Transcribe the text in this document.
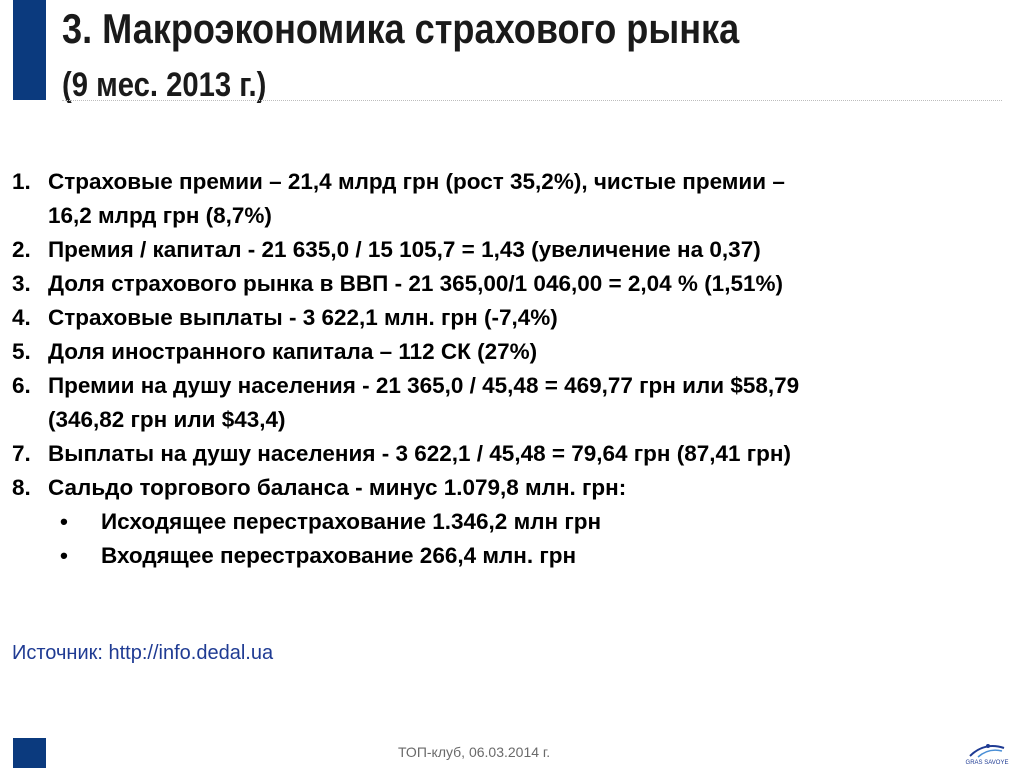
3. Макроэкономика страхового рынка
(9 мес. 2013 г.)
1. Страховые премии – 21,4 млрд грн (рост 35,2%), чистые премии –
16,2 млрд грн (8,7%)
2. Премия / капитал - 21 635,0 / 15 105,7 = 1,43 (увеличение на 0,37)
3. Доля страхового рынка в ВВП - 21 365,00/1 046,00 = 2,04 % (1,51%)
4. Страховые выплаты - 3 622,1 млн. грн (-7,4%)
5. Доля иностранного капитала – 112 СК (27%)
6. Премии на душу населения - 21 365,0 / 45,48 = 469,77 грн или $58,79
(346,82 грн или $43,4)
7. Выплаты на душу населения - 3 622,1 / 45,48 = 79,64 грн (87,41 грн)
8. Сальдо торгового баланса - минус 1.079,8 млн. грн:
• Исходящее перестрахование 1.346,2 млн грн
• Входящее перестрахование 266,4 млн. грн
Источник: http://info.dedal.ua
ТОП-клуб, 06.03.2014 г.
GRAS SAVOYE
